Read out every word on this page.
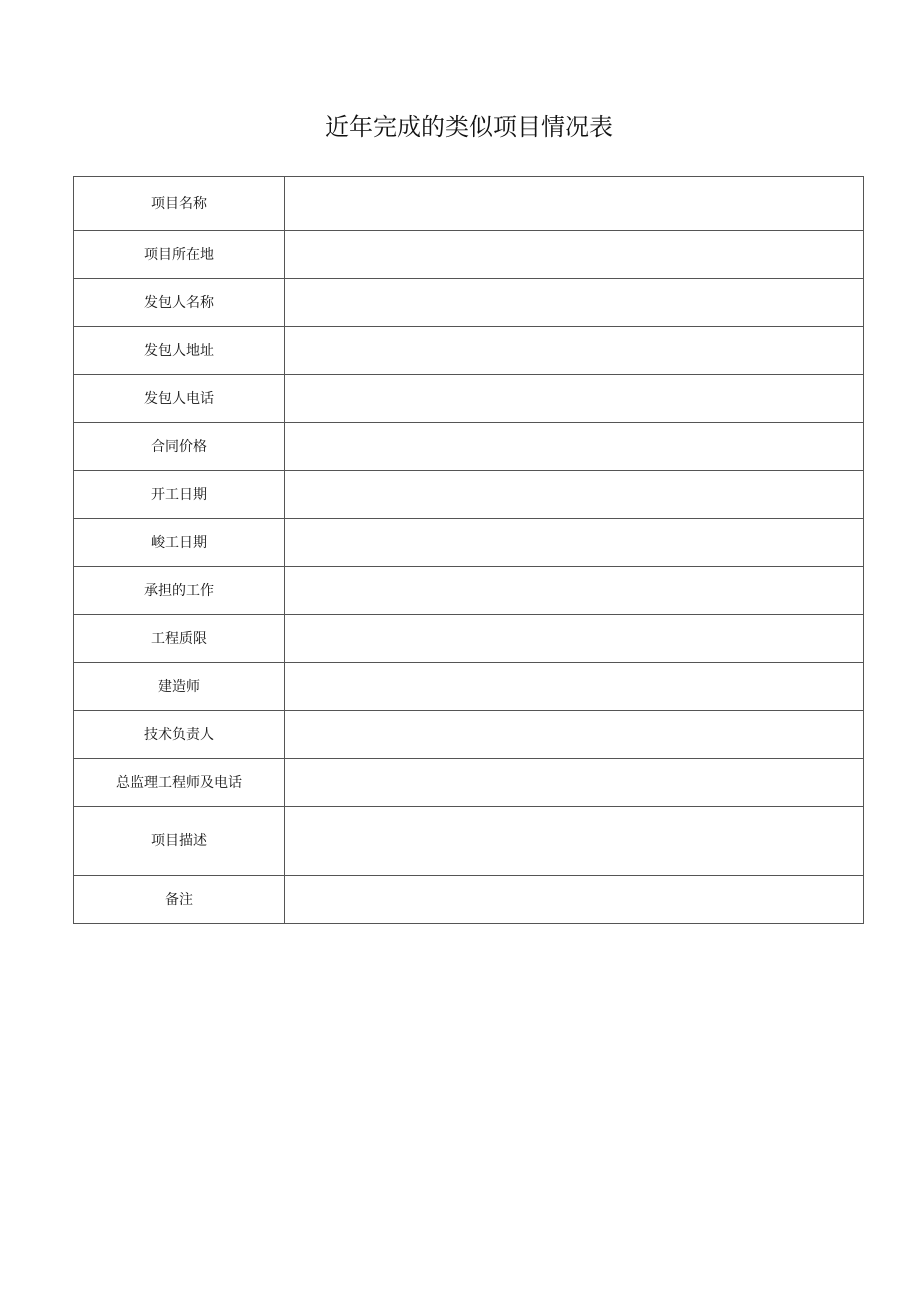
近年完成的类似项目情况表
项目名称	
项目所在地	
发包人名称	
发包人地址	
发包人电话	
合同价格	
开工日期	
峻工日期	
承担的工作	
工程质限	
建造师	
技术负责人	
总监理工程师及电话	
项目描述	
备注	
